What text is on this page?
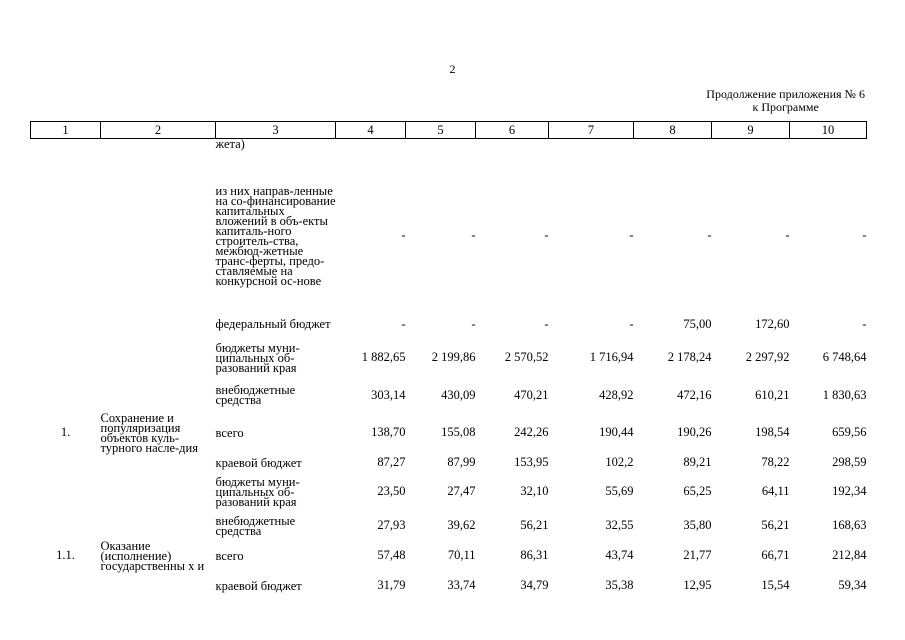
2
Продолжение приложения № 6
к Программе
1	2	3	4	5	6	7	8	9	10

		жета)							

		из них направ-ленные на со-финансирование капитальных вложений в объ-екты капиталь-ного строитель-ства, межбюд-жетные транс-ферты, предо-ставляемые на конкурсной ос-нове	-	-	-	-	-	-	-

		федеральный бюджет	-	-	-	-	75,00	172,60	-

		бюджеты муни-ципальных об-разований края	1 882,65	2 199,86	2 570,52	1 716,94	2 178,24	2 297,92	6 748,64

		внебюджетные средства	303,14	430,09	470,21	428,92	472,16	610,21	1 830,63
1.	Сохранение и популяризация объектов куль-турного насле-дия	всего	138,70	155,08	242,26	190,44	190,26	198,54	659,56

		краевой бюджет	87,27	87,99	153,95	102,2	89,21	78,22	298,59

		бюджеты муни-ципальных об-разований края	23,50	27,47	32,10	55,69	65,25	64,11	192,34

		внебюджетные средства	27,93	39,62	56,21	32,55	35,80	56,21	168,63
1.1.	Оказание (исполнение) государственны х и	всего	57,48	70,11	86,31	43,74	21,77	66,71	212,84

		краевой бюджет	31,79	33,74	34,79	35,38	12,95	15,54	59,34
